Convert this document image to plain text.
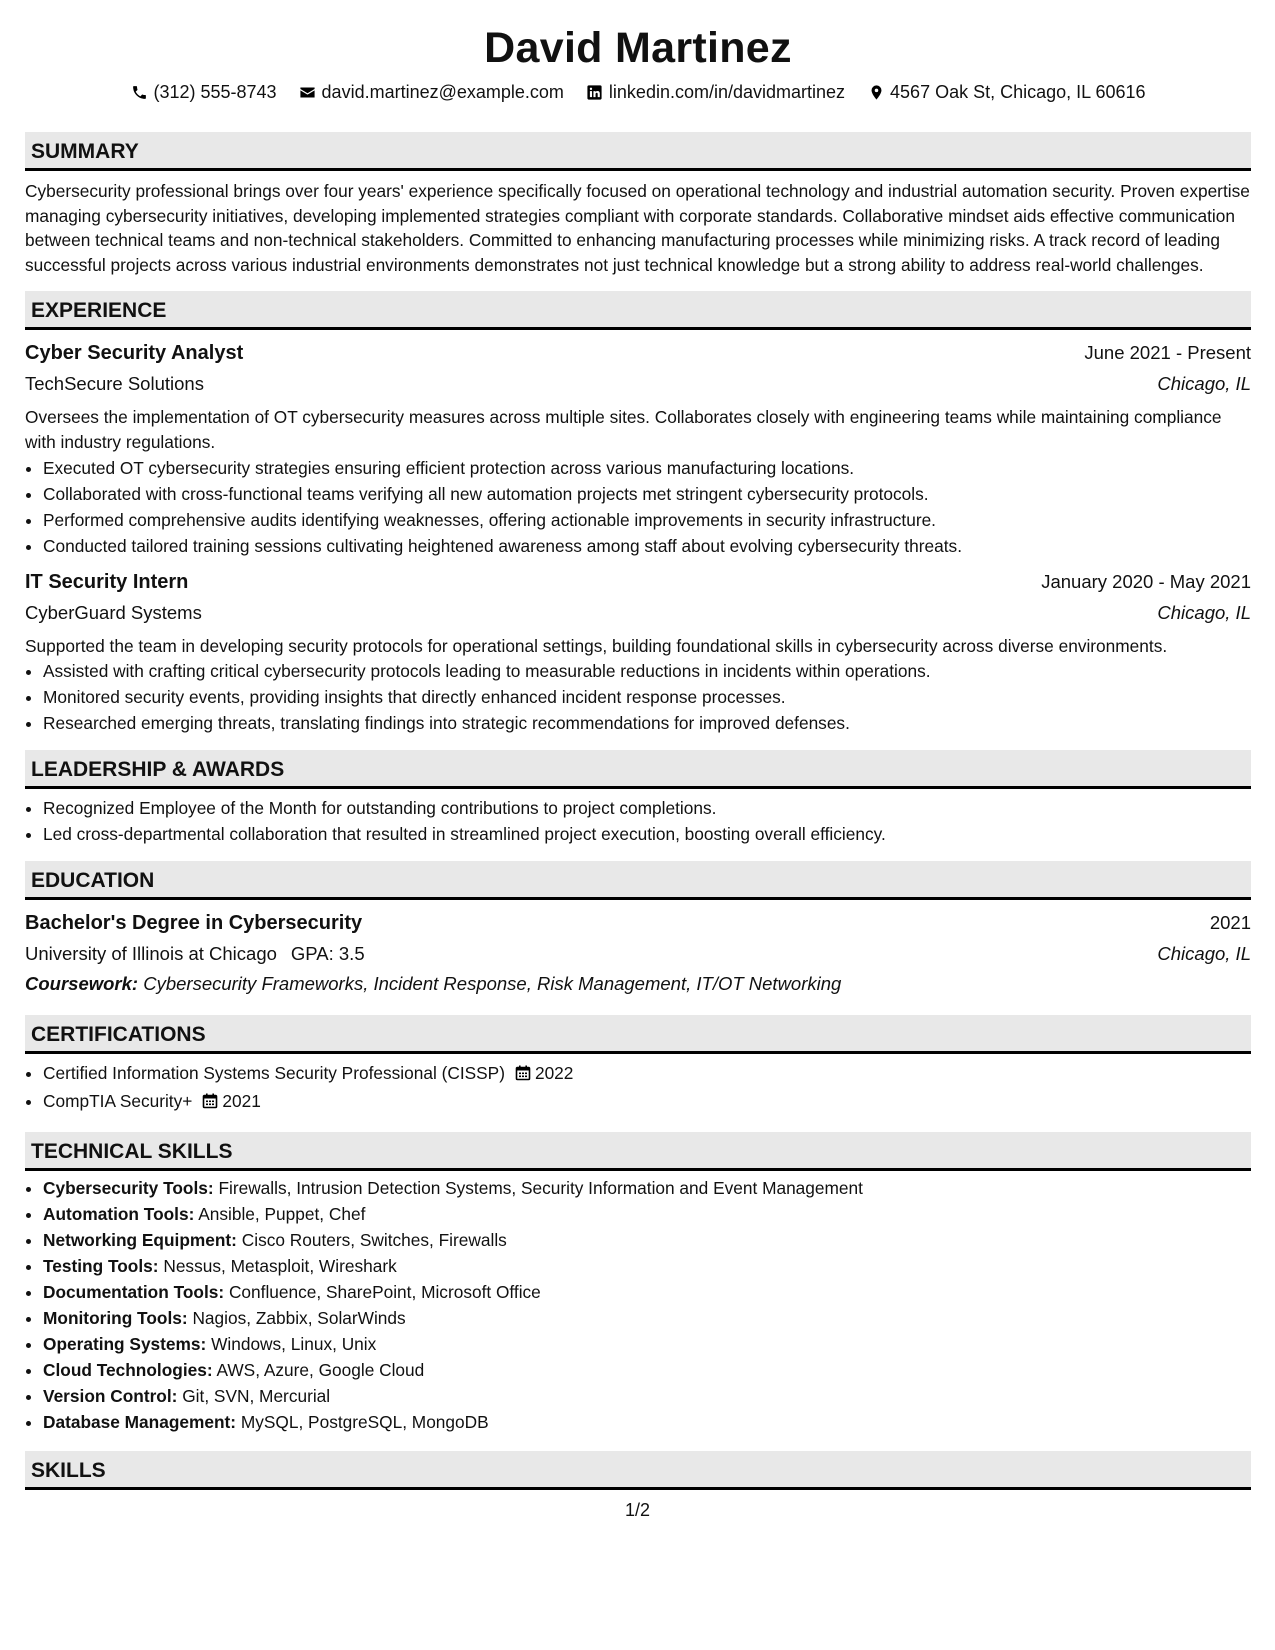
David Martinez
(312) 555-8743	david.martinez@example.com	linkedin.com/in/davidmartinez	4567 Oak St, Chicago, IL 60616
SUMMARY
Cybersecurity professional brings over four years' experience specifically focused on operational technology and industrial automation security. Proven expertise managing cybersecurity initiatives, developing implemented strategies compliant with corporate standards. Collaborative mindset aids effective communication between technical teams and non-technical stakeholders. Committed to enhancing manufacturing processes while minimizing risks. A track record of leading successful projects across various industrial environments demonstrates not just technical knowledge but a strong ability to address real-world challenges.
EXPERIENCE
Cyber Security Analyst	June 2021 - Present
TechSecure Solutions	Chicago, IL
Oversees the implementation of OT cybersecurity measures across multiple sites. Collaborates closely with engineering teams while maintaining compliance with industry regulations.
• Executed OT cybersecurity strategies ensuring efficient protection across various manufacturing locations.
• Collaborated with cross-functional teams verifying all new automation projects met stringent cybersecurity protocols.
• Performed comprehensive audits identifying weaknesses, offering actionable improvements in security infrastructure.
• Conducted tailored training sessions cultivating heightened awareness among staff about evolving cybersecurity threats.
IT Security Intern	January 2020 - May 2021
CyberGuard Systems	Chicago, IL
Supported the team in developing security protocols for operational settings, building foundational skills in cybersecurity across diverse environments.
• Assisted with crafting critical cybersecurity protocols leading to measurable reductions in incidents within operations.
• Monitored security events, providing insights that directly enhanced incident response processes.
• Researched emerging threats, translating findings into strategic recommendations for improved defenses.
LEADERSHIP & AWARDS
• Recognized Employee of the Month for outstanding contributions to project completions.
• Led cross-departmental collaboration that resulted in streamlined project execution, boosting overall efficiency.
EDUCATION
Bachelor's Degree in Cybersecurity	2021
University of Illinois at Chicago GPA: 3.5	Chicago, IL
Coursework: Cybersecurity Frameworks, Incident Response, Risk Management, IT/OT Networking
CERTIFICATIONS
• Certified Information Systems Security Professional (CISSP) 2022
• CompTIA Security+ 2021
TECHNICAL SKILLS
• Cybersecurity Tools: Firewalls, Intrusion Detection Systems, Security Information and Event Management
• Automation Tools: Ansible, Puppet, Chef
• Networking Equipment: Cisco Routers, Switches, Firewalls
• Testing Tools: Nessus, Metasploit, Wireshark
• Documentation Tools: Confluence, SharePoint, Microsoft Office
• Monitoring Tools: Nagios, Zabbix, SolarWinds
• Operating Systems: Windows, Linux, Unix
• Cloud Technologies: AWS, Azure, Google Cloud
• Version Control: Git, SVN, Mercurial
• Database Management: MySQL, PostgreSQL, MongoDB
SKILLS
1/2
